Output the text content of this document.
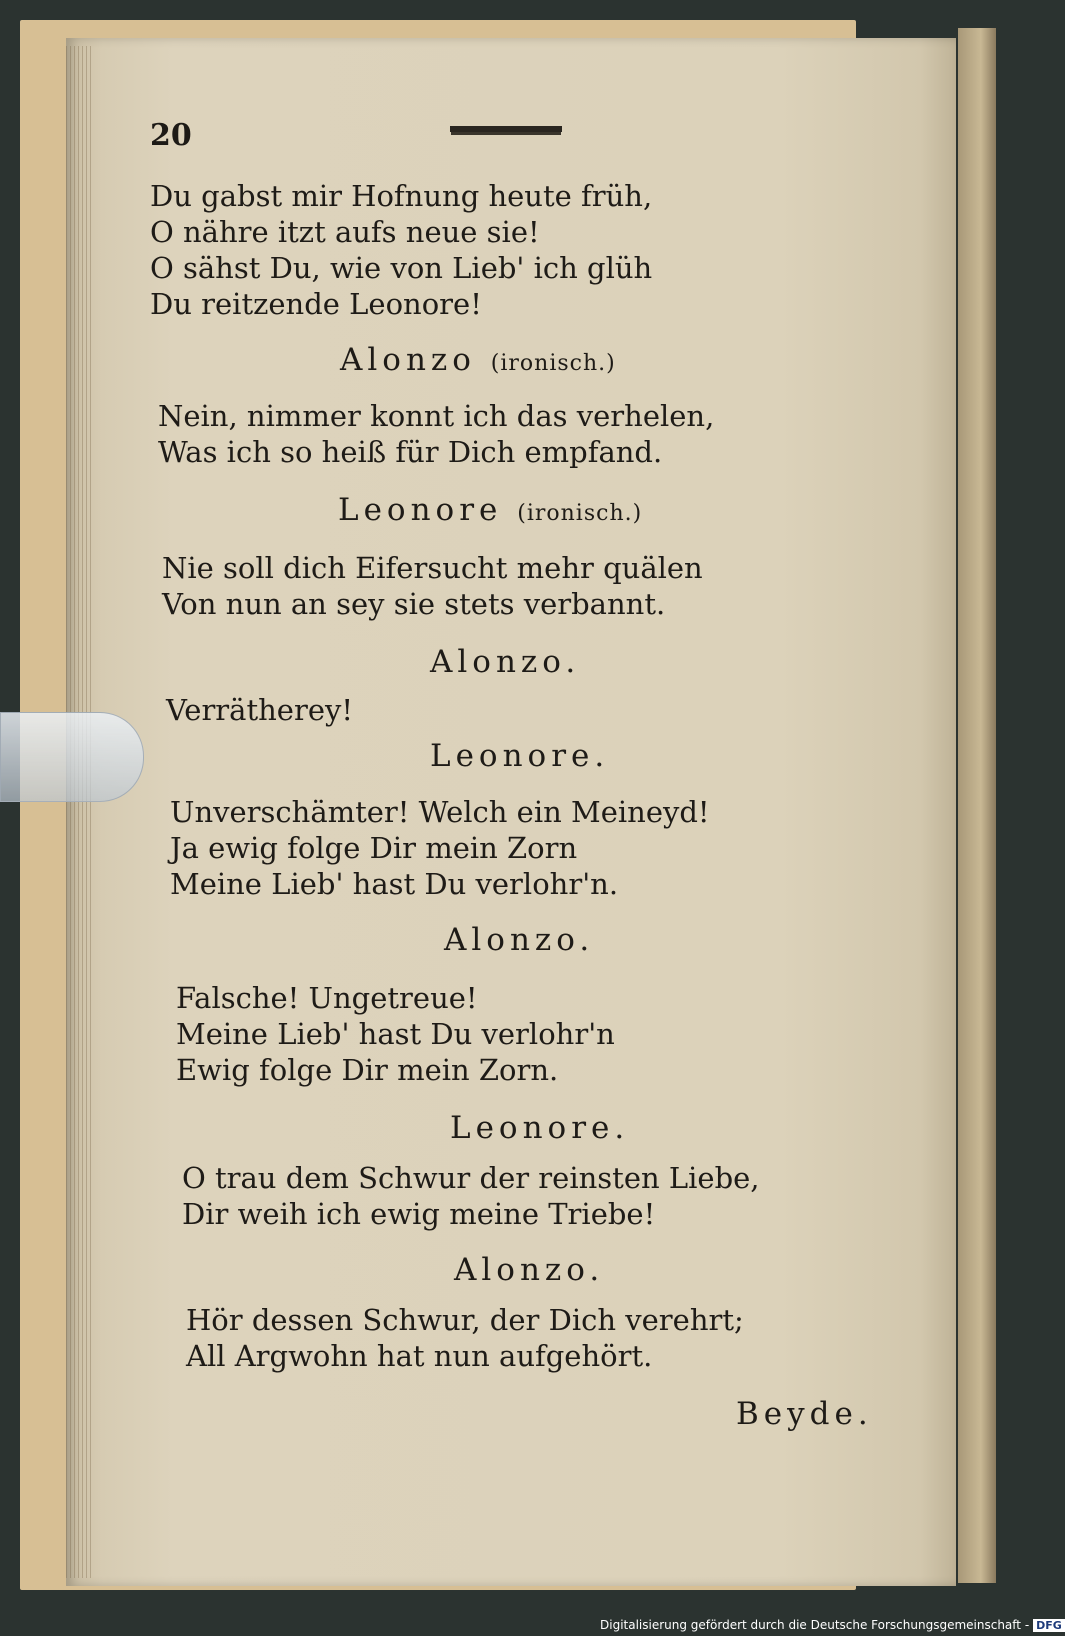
20
Du gabst mir Hofnung heute früh,
O nähre itzt aufs neue sie!
O sähst Du, wie von Lieb' ich glüh
Du reitzende Leonore!
Alonzo (ironisch.)
Nein, nimmer konnt ich das verhelen,
Was ich so heiß für Dich empfand.
Leonore (ironisch.)
Nie soll dich Eifersucht mehr quälen
Von nun an sey sie stets verbannt.
Alonzo.
Verrätherey!
Leonore.
Unverschämter! Welch ein Meineyd!
Ja ewig folge Dir mein Zorn
Meine Lieb' hast Du verlohr'n.
Alonzo.
Falsche! Ungetreue!
Meine Lieb' hast Du verlohr'n
Ewig folge Dir mein Zorn.
Leonore.
O trau dem Schwur der reinsten Liebe,
Dir weih ich ewig meine Triebe!
Alonzo.
Hör dessen Schwur, der Dich verehrt;
All Argwohn hat nun aufgehört.
Beyde.
Digitalisierung gefördert durch die Deutsche Forschungsgemeinschaft - DFG
